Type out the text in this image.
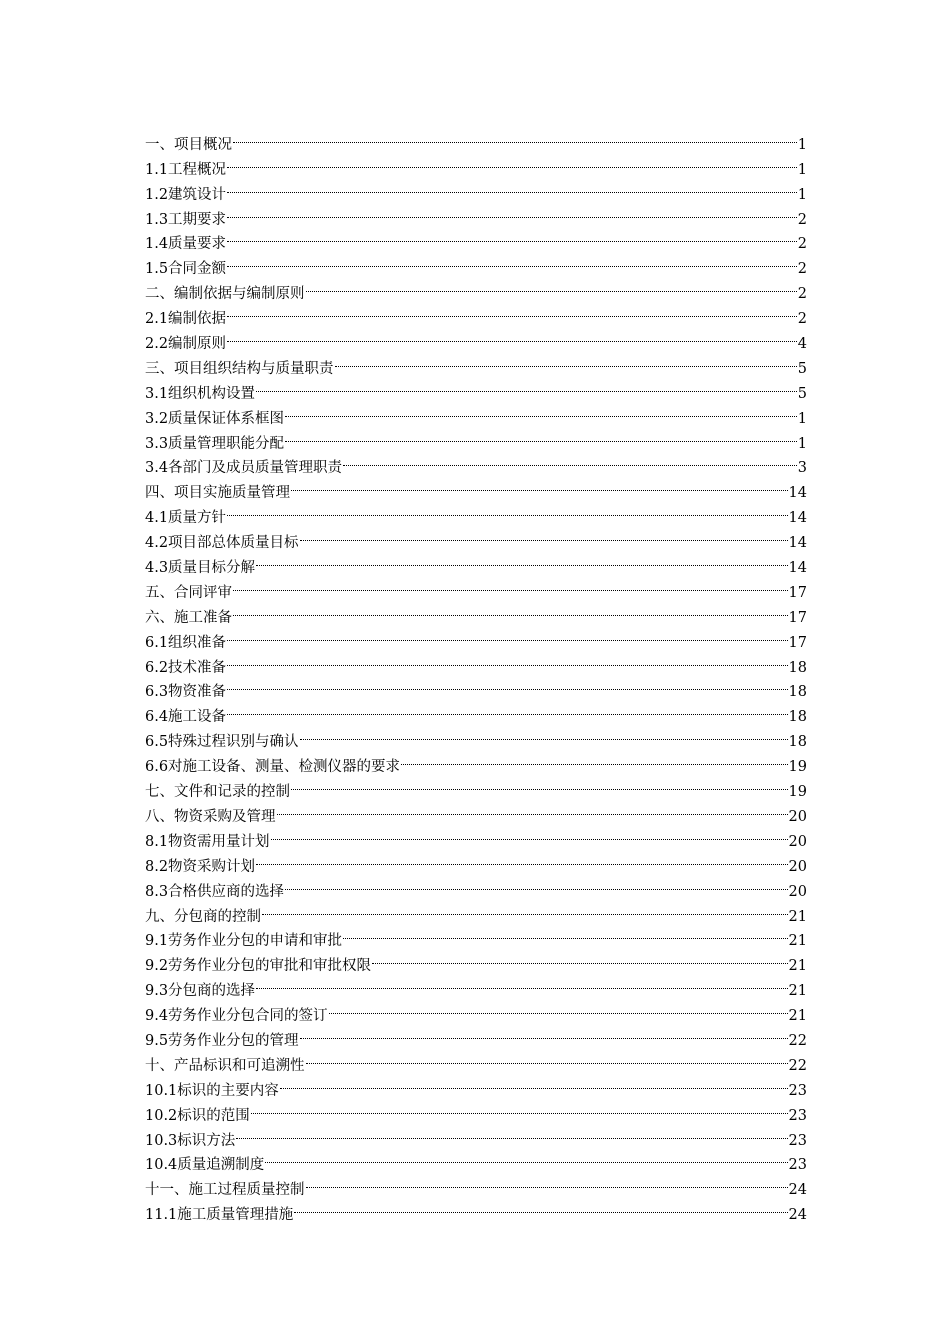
一、项目概况	1
1.1工程概况	1
1.2建筑设计	1
1.3工期要求	2
1.4质量要求	2
1.5合同金额	2
二、编制依据与编制原则	2
2.1编制依据	2
2.2编制原则	4
三、项目组织结构与质量职责	5
3.1组织机构设置	5
3.2质量保证体系框图	1
3.3质量管理职能分配	1
3.4各部门及成员质量管理职责	3
四、项目实施质量管理	14
4.1质量方针	14
4.2项目部总体质量目标	14
4.3质量目标分解	14
五、合同评审	17
六、施工准备	17
6.1组织准备	17
6.2技术准备	18
6.3物资准备	18
6.4施工设备	18
6.5特殊过程识别与确认	18
6.6对施工设备、测量、检测仪器的要求	19
七、文件和记录的控制	19
八、物资采购及管理	20
8.1物资需用量计划	20
8.2物资采购计划	20
8.3合格供应商的选择	20
九、分包商的控制	21
9.1劳务作业分包的申请和审批	21
9.2劳务作业分包的审批和审批权限	21
9.3分包商的选择	21
9.4劳务作业分包合同的签订	21
9.5劳务作业分包的管理	22
十、产品标识和可追溯性	22
10.1标识的主要内容	23
10.2标识的范围	23
10.3标识方法	23
10.4质量追溯制度	23
十一、施工过程质量控制	24
11.1施工质量管理措施	24
